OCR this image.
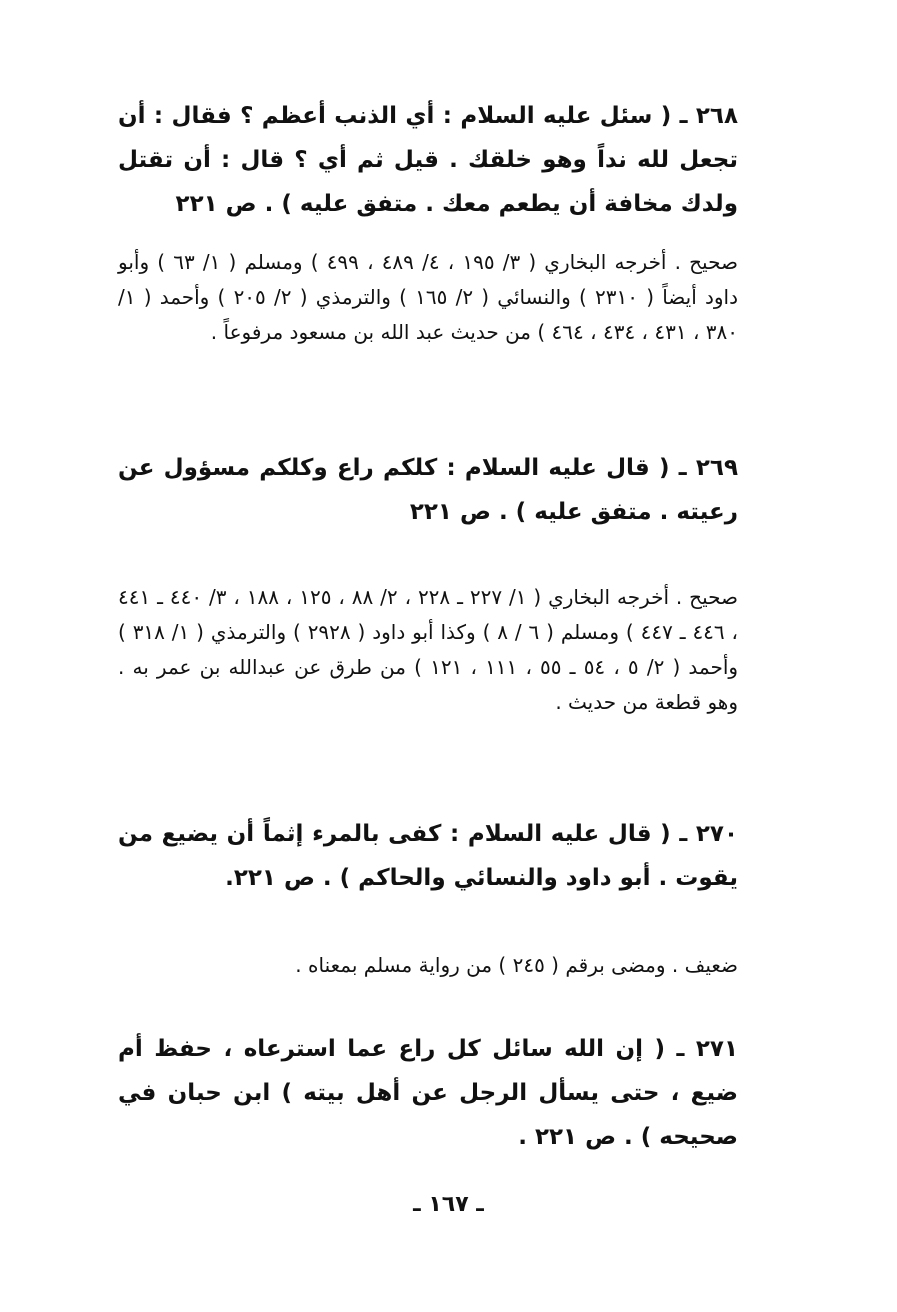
٢٦٨ ـ ( سئل عليه السلام : أي الذنب أعظم ؟ فقال : أن تجعل لله نداً وهو خلقك . قيل ثم أي ؟ قال : أن تقتل ولدك مخافة أن يطعم معك . متفق عليه ) . ص ٢٢١
صحيح . أخرجه البخاري ( ٣/ ١٩٥ ، ٤/ ٤٨٩ ، ٤٩٩ ) ومسلم ( ١/ ٦٣ ) وأبو داود أيضاً ( ٢٣١٠ ) والنسائي ( ٢/ ١٦٥ ) والترمذي ( ٢/ ٢٠٥ ) وأحمد ( ١/ ٣٨٠ ، ٤٣١ ، ٤٣٤ ، ٤٦٤ ) من حديث عبد الله بن مسعود مرفوعاً .
٢٦٩ ـ ( قال عليه السلام : كلكم راع وكلكم مسؤول عن رعيته . متفق عليه ) . ص ٢٢١
صحيح . أخرجه البخاري ( ١/ ٢٢٧ ـ ٢٢٨ ، ٢/ ٨٨ ، ١٢٥ ، ١٨٨ ، ٣/ ٤٤٠ ـ ٤٤١ ، ٤٤٦ ـ ٤٤٧ ) ومسلم ( ٦ / ٨ ) وكذا أبو داود ( ٢٩٢٨ ) والترمذي ( ١/ ٣١٨ ) وأحمد ( ٢/ ٥ ، ٥٤ ـ ٥٥ ، ١١١ ، ١٢١ ) من طرق عن عبدالله بن عمر به . وهو قطعة من حديث .
٢٧٠ ـ ( قال عليه السلام : كفى بالمرء إثماً أن يضيع من يقوت . أبو داود والنسائي والحاكم ) . ص ٢٢١.
ضعيف . ومضى برقم ( ٢٤٥ ) من رواية مسلم بمعناه .
٢٧١ ـ ( إن الله سائل كل راع عما استرعاه ، حفظ أم ضيع ، حتى يسأل الرجل عن أهل بيته ) ابن حبان في صحيحه ) . ص ٢٢١ .
ـ ١٦٧ ـ
